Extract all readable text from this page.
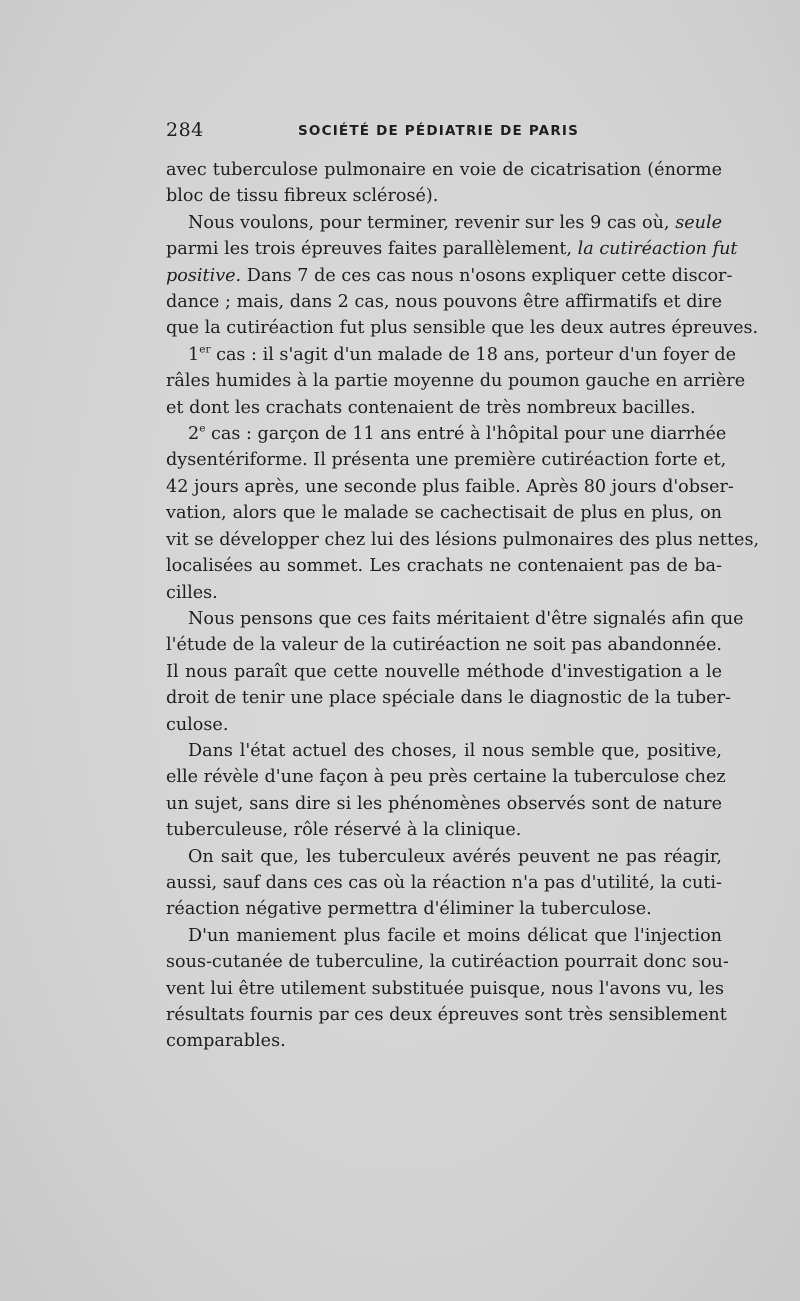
284	SOCIÉTÉ DE PÉDIATRIE DE PARIS

avec tuberculose pulmonaire en voie de cicatrisation (énorme
bloc de tissu fibreux sclérosé).

Nous voulons, pour terminer, revenir sur les 9 cas où, seule
parmi les trois épreuves faites parallèlement, la cutiréaction fut
positive. Dans 7 de ces cas nous n'osons expliquer cette discor-
dance ; mais, dans 2 cas, nous pouvons être affirmatifs et dire
que la cutiréaction fut plus sensible que les deux autres épreuves.

1er cas : il s'agit d'un malade de 18 ans, porteur d'un foyer de
râles humides à la partie moyenne du poumon gauche en arrière
et dont les crachats contenaient de très nombreux bacilles.

2e cas : garçon de 11 ans entré à l'hôpital pour une diarrhée
dysentériforme. Il présenta une première cutiréaction forte et,
42 jours après, une seconde plus faible. Après 80 jours d'obser-
vation, alors que le malade se cachectisait de plus en plus, on
vit se développer chez lui des lésions pulmonaires des plus nettes,
localisées au sommet. Les crachats ne contenaient pas de ba-
cilles.

Nous pensons que ces faits méritaient d'être signalés afin que
l'étude de la valeur de la cutiréaction ne soit pas abandonnée.
Il nous paraît que cette nouvelle méthode d'investigation a le
droit de tenir une place spéciale dans le diagnostic de la tuber-
culose.

Dans l'état actuel des choses, il nous semble que, positive,
elle révèle d'une façon à peu près certaine la tuberculose chez
un sujet, sans dire si les phénomènes observés sont de nature
tuberculeuse, rôle réservé à la clinique.

On sait que, les tuberculeux avérés peuvent ne pas réagir,
aussi, sauf dans ces cas où la réaction n'a pas d'utilité, la cuti-
réaction négative permettra d'éliminer la tuberculose.

D'un maniement plus facile et moins délicat que l'injection
sous-cutanée de tuberculine, la cutiréaction pourrait donc sou-
vent lui être utilement substituée puisque, nous l'avons vu, les
résultats fournis par ces deux épreuves sont très sensiblement
comparables.
